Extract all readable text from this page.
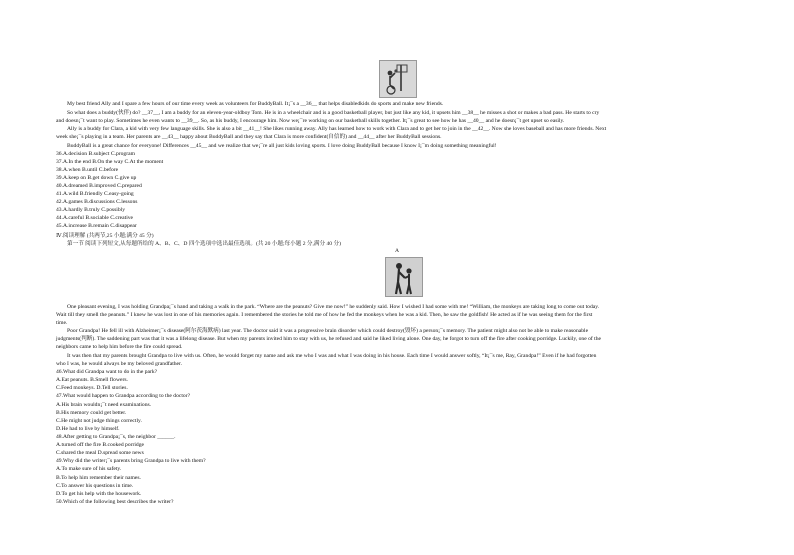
My best friend Ally and I spare a few hours of our time every week as volunteers for BuddyBall. It¡¯s a __36__ that helps disabledkids do sports and make new friends.
So what does a buddy(伙伴) do? __37__, I am a buddy for an eleven-year-oldboy Tom. He is in a wheelchair and is a good basketball player, but just like any kid, it upsets him __38__ he misses a shot or makes a bad pass. He starts to cry
and doesn¡¯t want to play. Sometimes he even wants to __39__. So, as his buddy, I encourage him. Now we¡¯re working on our basketball skills together. It¡¯s great to see how he has __40__ and he doesn¡¯t get upset so easily.
Ally is a buddy for Clara, a kid with very few language skills. She is also a bit __41__! She likes running away. Ally has learned how to work with Clara and to get her to join in the __42__. Now she loves baseball and has more friends. Next
week she¡¯s playing in a team. Her parents are __43__ happy about BuddyBall and they say that Clara is more confident(自信的) and __44__ after her BuddyBall sessions.
BuddyBall is a great chance for everyone! Differences __45__ and we realize that we¡¯re all just kids loving sports. I love doing BuddyBall because I know I¡¯m doing something meaningful!
36.A.decision B.subject C.program
37.A.In the end B.On the way C.At the moment
38.A.when B.until C.before
39.A.keep on B.get down C.give up
40.A.dreamed B.improved C.prepared
41.A.wild B.friendly C.easy-going
42.A.games B.discussions C.lessons
43.A.hardly B.truly C.possibly
44.A.careful B.sociable C.creative
45.A.increase B.remain C.disappear
Ⅳ.阅读理解 (共两节,25 小题;满分 45 分)
第一节 阅读下列短文,从每题所给的 A、B、C、D 四个选项中选出最佳选项。(共 20 小题;每小题 2 分,满分 40 分)
A
One pleasant evening, I was holding Grandpa¡¯s hand and taking a walk in the park. “Where are the peanuts? Give me now!” he suddenly said. How I wished I had some with me! “William, the monkeys are taking long to come out today.
Wait till they smell the peanuts.” I knew he was lost in one of his memories again. I remembered the stories he told me of how he fed the monkeys when he was a kid. Then, he saw the goldfish! He acted as if he was seeing them for the first
time.
Poor Grandpa! He fell ill with Alzheimer¡¯s disease(阿尔茨海默病) last year. The doctor said it was a progressive brain disorder which could destroy(毁坏) a person¡¯s memory. The patient might also not be able to make reasonable
judgments(判断). The saddening part was that it was a lifelong disease. But when my parents invited him to stay with us, he refused and said he liked living alone. One day, he forgot to turn off the fire after cooking porridge. Luckily, one of the
neighbors came to help him before the fire could spread.
It was then that my parents brought Grandpa to live with us. Often, he would forget my name and ask me who I was and what I was doing in his house. Each time I would answer softly, “It¡¯s me, Ray, Grandpa!” Even if he had forgotten
who I was, he would always be my beloved grandfather.
46.What did Grandpa want to do in the park?
A.Eat peanuts. B.Smell flowers.
C.Feed monkeys. D.Tell stories.
47.What would happen to Grandpa according to the doctor?
A.His brain wouldn¡¯t need examinations.
B.His memory could get better.
C.He might not judge things correctly.
D.He had to live by himself.
48.After getting to Grandpa¡¯s, the neighbor ______.
A.turned off the fire B.cooked porridge
C.shared the meal D.spread some news
49.Why did the writer¡¯s parents bring Grandpa to live with them?
A.To make sure of his safety.
B.To help him remember their names.
C.To answer his questions in time.
D.To get his help with the housework.
50.Which of the following best describes the writer?
